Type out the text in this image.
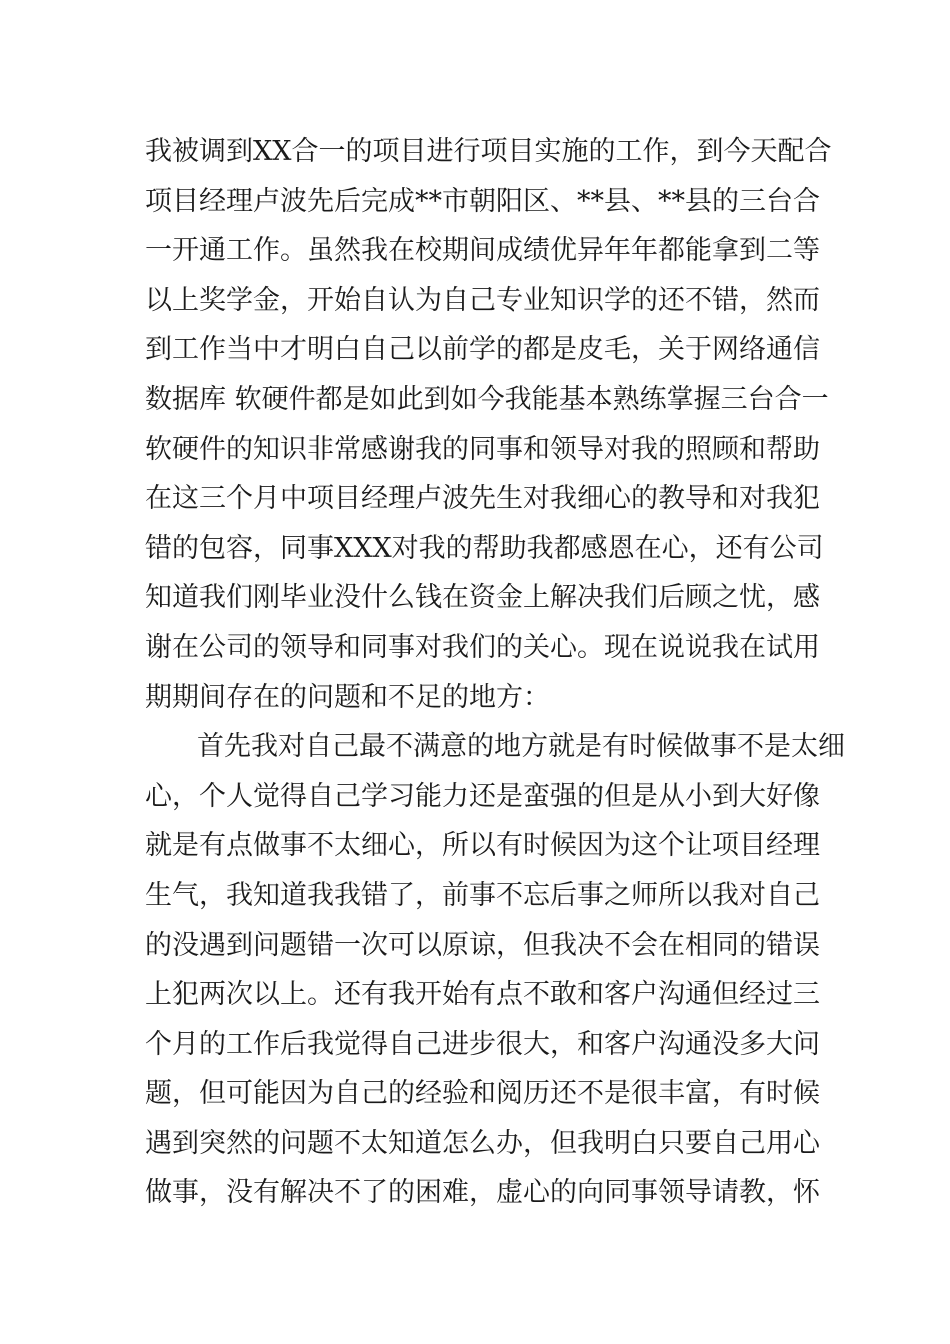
我被调到XX合一的项目进行项目实施的工作，到今天配合
项目经理卢波先后完成**市朝阳区、**县、**县的三台合
一开通工作。虽然我在校期间成绩优异年年都能拿到二等
以上奖学金，开始自认为自己专业知识学的还不错，然而
到工作当中才明白自己以前学的都是皮毛，关于网络通信
数据库 软硬件都是如此到如今我能基本熟练掌握三台合一
软硬件的知识非常感谢我的同事和领导对我的照顾和帮助
在这三个月中项目经理卢波先生对我细心的教导和对我犯
错的包容，同事XXX对我的帮助我都感恩在心，还有公司
知道我们刚毕业没什么钱在资金上解决我们后顾之忧，感
谢在公司的领导和同事对我们的关心。现在说说我在试用
期期间存在的问题和不足的地方：
首先我对自己最不满意的地方就是有时候做事不是太细
心，个人觉得自己学习能力还是蛮强的但是从小到大好像
就是有点做事不太细心，所以有时候因为这个让项目经理
生气，我知道我我错了，前事不忘后事之师所以我对自己
的没遇到问题错一次可以原谅，但我决不会在相同的错误
上犯两次以上。还有我开始有点不敢和客户沟通但经过三
个月的工作后我觉得自己进步很大，和客户沟通没多大问
题，但可能因为自己的经验和阅历还不是很丰富，有时候
遇到突然的问题不太知道怎么办，但我明白只要自己用心
做事，没有解决不了的困难，虚心的向同事领导请教，怀
